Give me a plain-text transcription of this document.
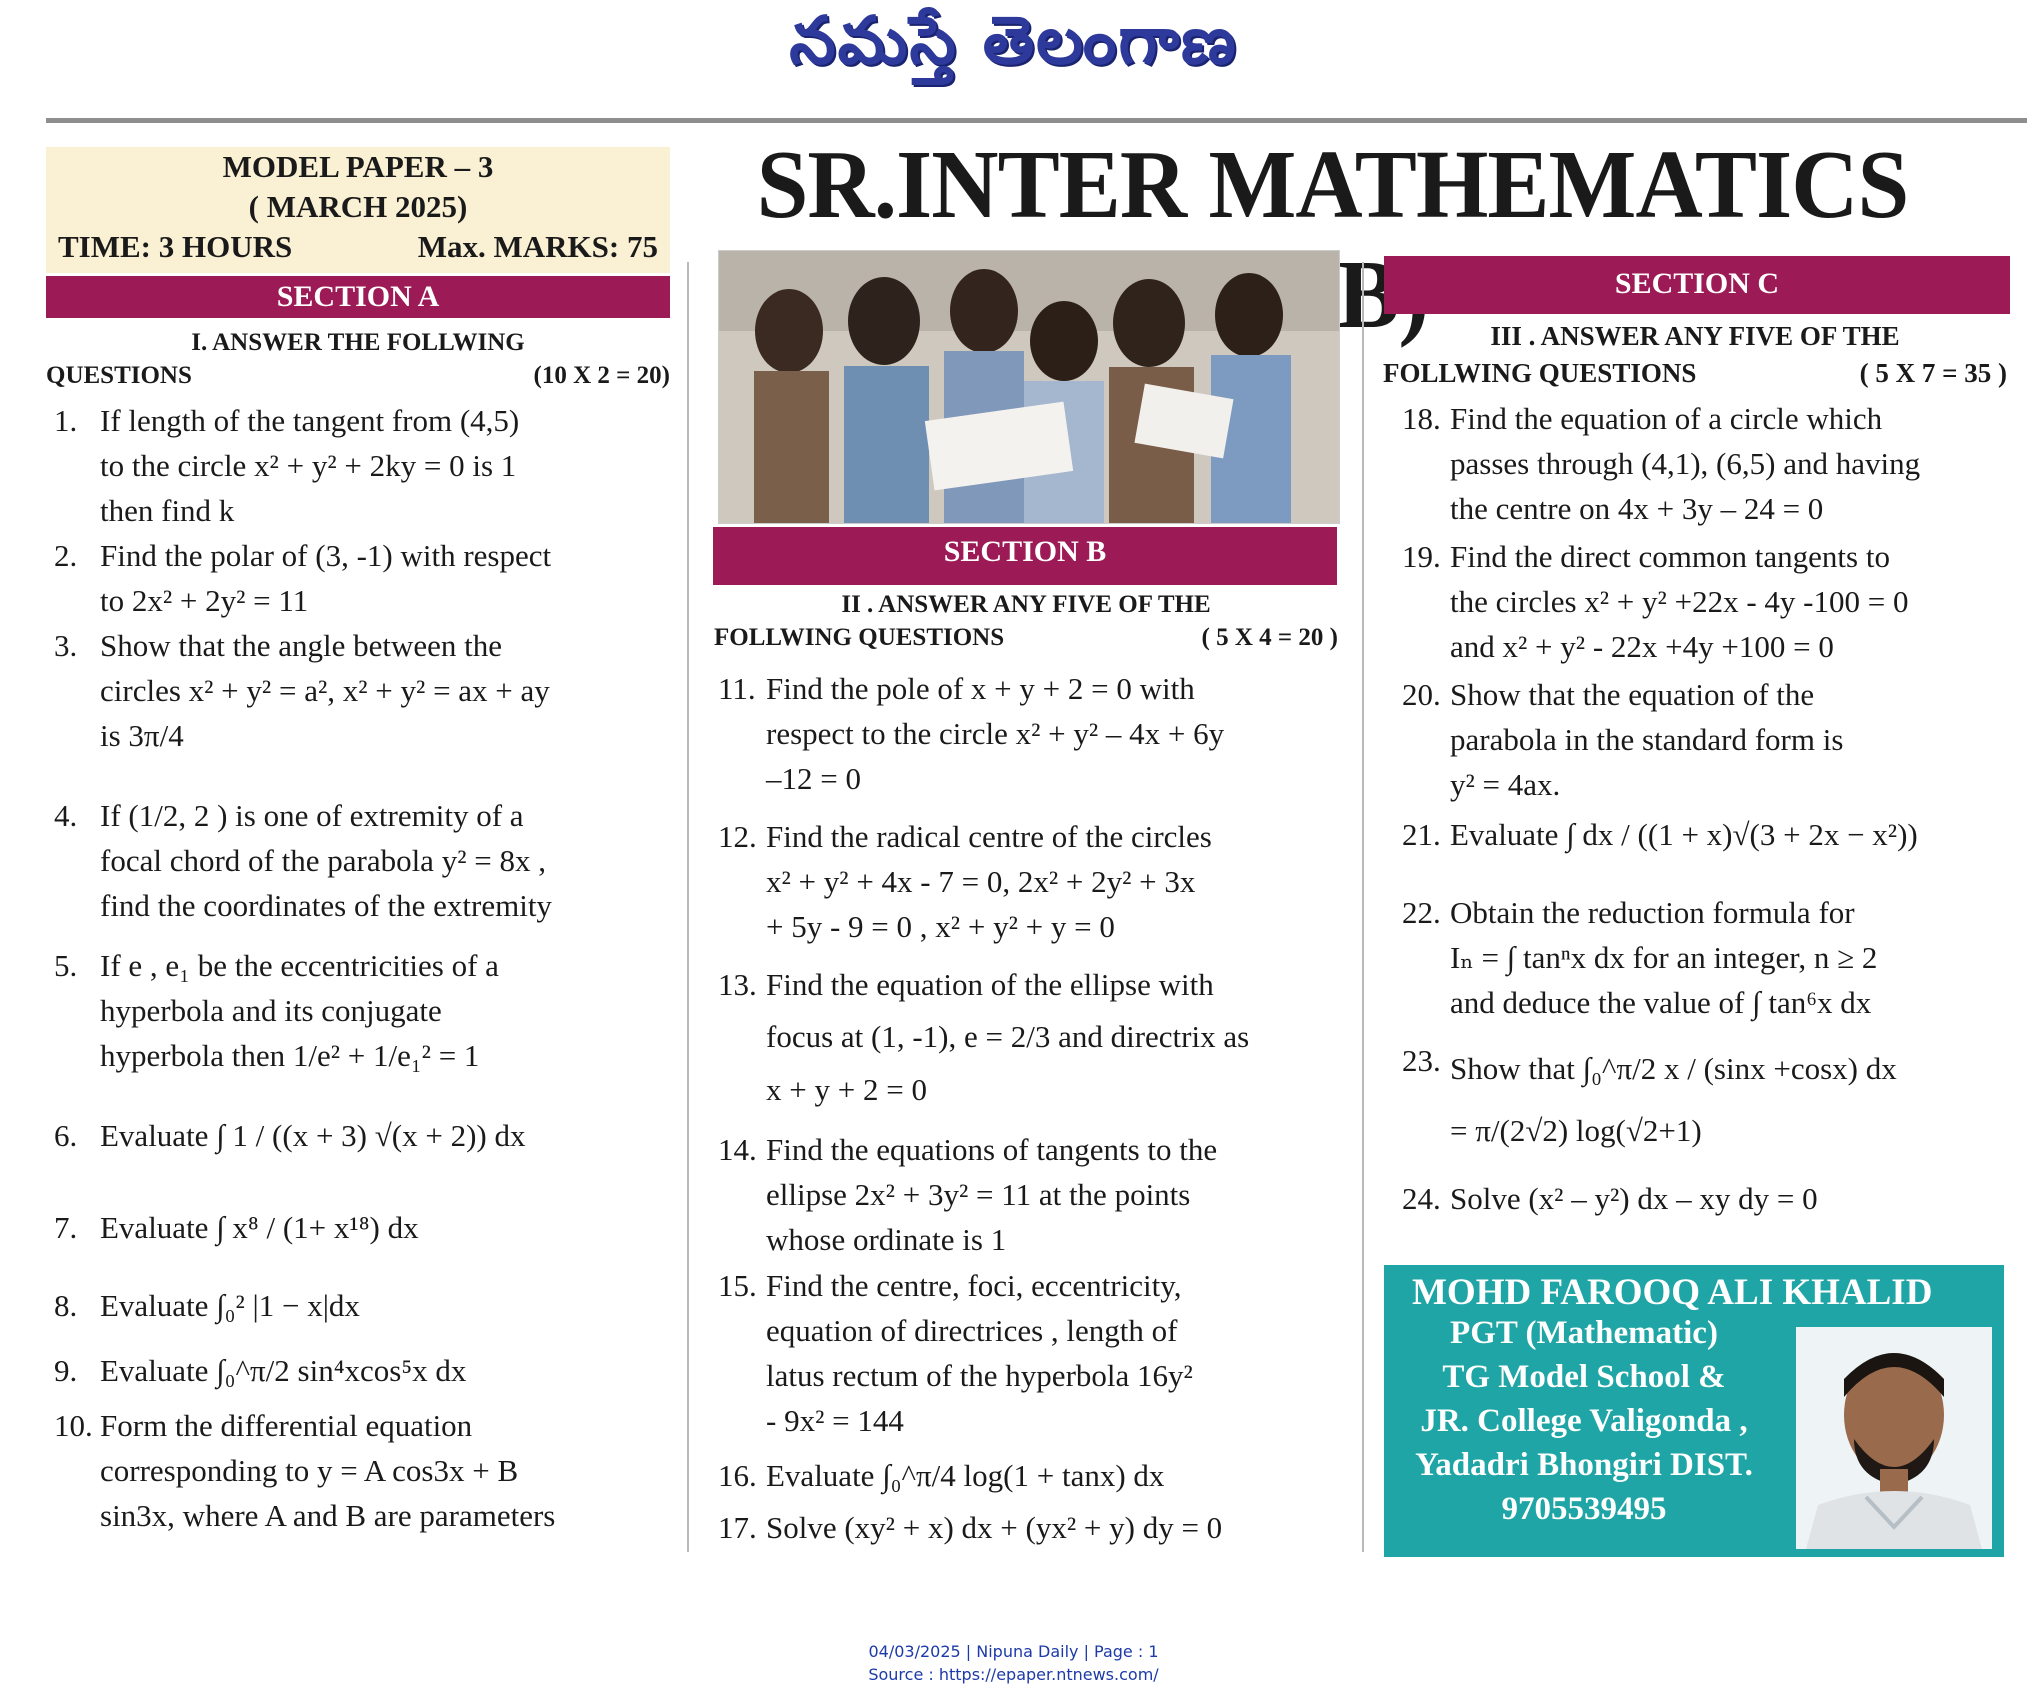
నమస్తే తెలంగాణ
MODEL PAPER – 3
( MARCH 2025)
TIME: 3 HOURS	Max. MARKS: 75
SR.INTER MATHEMATICS
SECTION A
I. ANSWER THE FOLLWING
QUESTIONS	(10 X 2 = 20)
1. If length of the tangent from (4,5)
to the circle x² + y² + 2ky = 0 is 1
then find k
2. Find the polar of (3, -1) with respect
to 2x² + 2y² = 11
3. Show that the angle between the
circles x² + y² = a², x² + y² = ax + ay
is 3π/4
4. If (1/2, 2 ) is one of extremity of a
focal chord of the parabola y² = 8x ,
find the coordinates of the extremity
5. If e , e₁ be the eccentricities of a
hyperbola and its conjugate
hyperbola then 1/e² + 1/e₁² = 1
6. Evaluate ∫ 1 / ((x + 3) √(x + 2)) dx
7. Evaluate ∫ x⁸ / (1+ x¹⁸) dx
8. Evaluate ∫₀² |1 − x|dx
9. Evaluate ∫₀^π/2 sin⁴xcos⁵x dx
10. Form the differential equation
corresponding to y = A cos3x + B
sin3x, where A and B are parameters
SECTION B
II . ANSWER ANY FIVE OF THE
FOLLWING QUESTIONS	( 5 X 4 = 20 )
11. Find the pole of x + y + 2 = 0 with
respect to the circle x² + y² – 4x + 6y
–12 = 0
12. Find the radical centre of the circles
x² + y² + 4x - 7 = 0, 2x² + 2y² + 3x
+ 5y - 9 = 0 , x² + y² + y = 0
13. Find the equation of the ellipse with
focus at (1, -1), e = 2/3 and directrix as
x + y + 2 = 0
14. Find the equations of tangents to the
ellipse 2x² + 3y² = 11 at the points
whose ordinate is 1
15. Find the centre, foci, eccentricity,
equation of directrices , length of
latus rectum of the hyperbola 16y²
- 9x² = 144
16. Evaluate ∫₀^π/4 log(1 + tanx) dx
17. Solve (xy² + x) dx + (yx² + y) dy = 0
SECTION C
III . ANSWER ANY FIVE OF THE
FOLLWING QUESTIONS	( 5 X 7 = 35 )
18. Find the equation of a circle which
passes through (4,1), (6,5) and having
the centre on 4x + 3y – 24 = 0
19. Find the direct common tangents to
the circles x² + y² +22x - 4y -100 = 0
and x² + y² - 22x +4y +100 = 0
20. Show that the equation of the
parabola in the standard form is
y² = 4ax.
21. Evaluate ∫ dx / ((1 + x)√(3 + 2x − x²))
22. Obtain the reduction formula for
Iₙ = ∫ tanⁿx dx for an integer, n ≥ 2
and deduce the value of ∫ tan⁶x dx
23. Show that ∫₀^π/2 x / (sinx +cosx) dx
= π/(2√2) log(√2+1)
24. Solve (x² – y²) dx – xy dy = 0
MOHD FAROOQ ALI KHALID
PGT (Mathematic)
TG Model School &
JR. College Valigonda ,
Yadadri Bhongiri DIST.
9705539495
04/03/2025 | Nipuna Daily | Page : 1
Source : https://epaper.ntnews.com/
